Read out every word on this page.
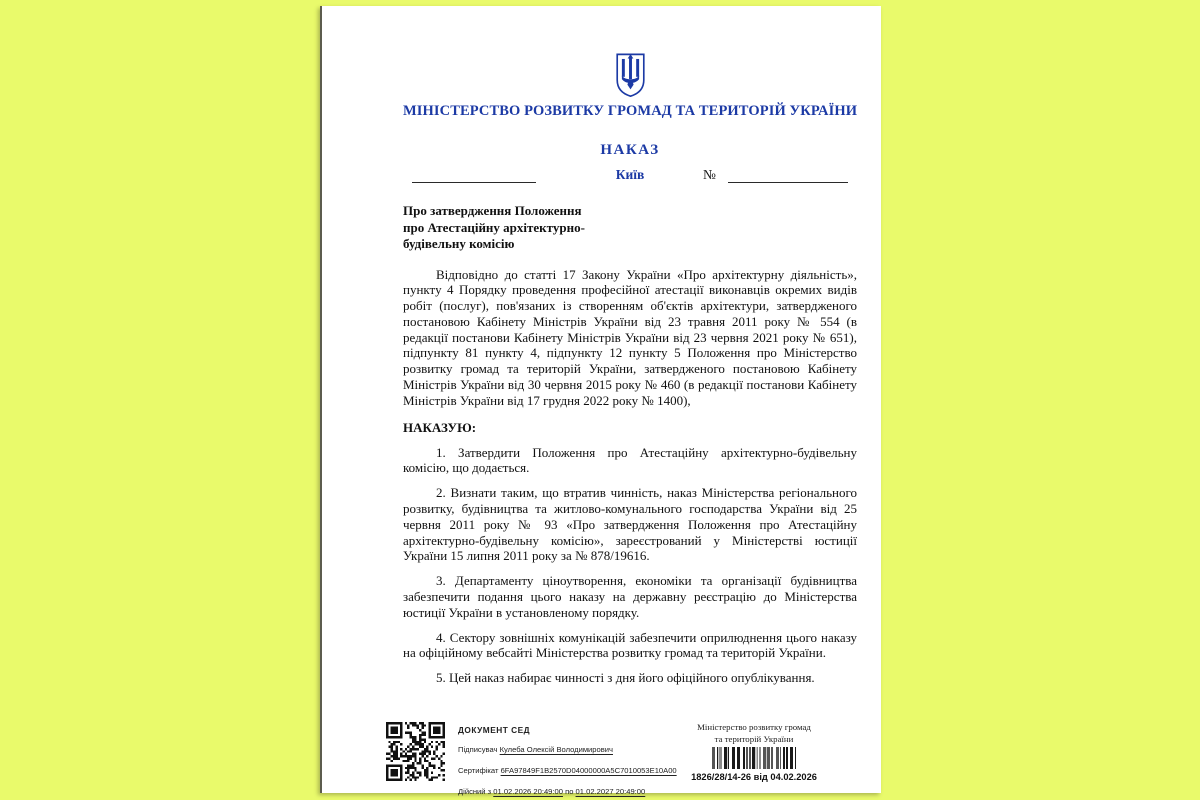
МІНІСТЕРСТВО РОЗВИТКУ ГРОМАД ТА ТЕРИТОРІЙ УКРАЇНИ
НАКАЗ
Київ	№
Про затвердження Положення
про Атестаційну архітектурно-
будівельну комісію

Відповідно до статті 17 Закону України «Про архітектурну діяльність», пункту 4 Порядку проведення професійної атестації виконавців окремих видів робіт (послуг), пов'язаних із створенням об'єктів архітектури, затвердженого постановою Кабінету Міністрів України від 23 травня 2011 року № 554 (в редакції постанови Кабінету Міністрів України від 23 червня 2021 року № 651), підпункту 81 пункту 4, підпункту 12 пункту 5 Положення про Міністерство розвитку громад та територій України, затвердженого постановою Кабінету Міністрів України від 30 червня 2015 року № 460 (в редакції постанови Кабінету Міністрів України від 17 грудня 2022 року № 1400),

НАКАЗУЮ:

1. Затвердити Положення про Атестаційну архітектурно-будівельну комісію, що додається.

2. Визнати таким, що втратив чинність, наказ Міністерства регіонального розвитку, будівництва та житлово-комунального господарства України від 25 червня 2011 року № 93 «Про затвердження Положення про Атестаційну архітектурно-будівельну комісію», зареєстрований у Міністерстві юстиції України 15 липня 2011 року за № 878/19616.

3. Департаменту ціноутворення, економіки та організації будівництва забезпечити подання цього наказу на державну реєстрацію до Міністерства юстиції України в установленому порядку.

4. Сектору зовнішніх комунікацій забезпечити оприлюднення цього наказу на офіційному вебсайті Міністерства розвитку громад та територій України.

5. Цей наказ набирає чинності з дня його офіційного опублікування.

ДОКУМЕНТ СЕД
Підписувач Кулеба Олексій Володимирович
Сертифікат 6FA97849F1B2570D04000000A5C7010053E10A00
Дійсний з 01.02.2026 20:49:00 по 01.02.2027 20:49:00
Міністерство розвитку громад
та територій України
1826/28/14-26 від 04.02.2026
